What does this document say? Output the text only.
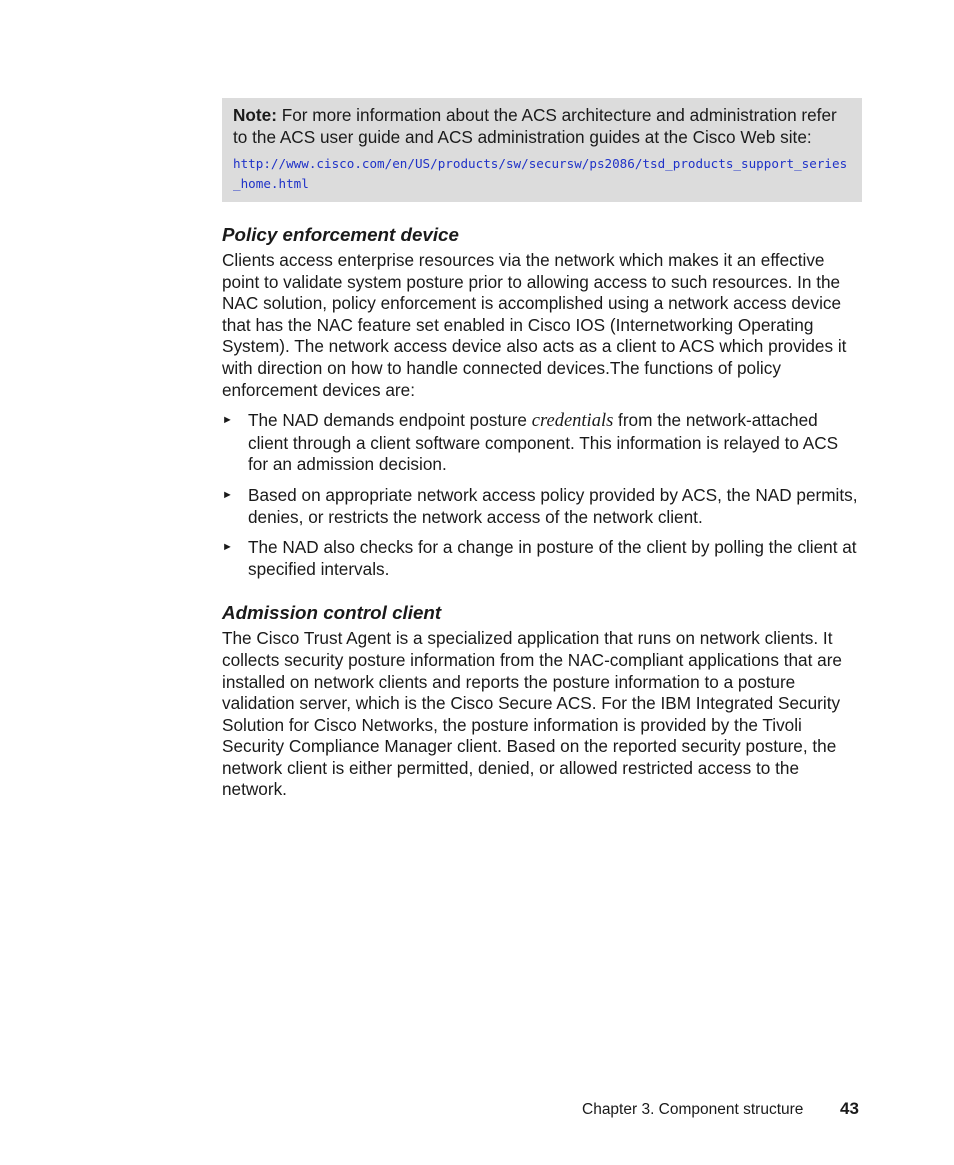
Note: For more information about the ACS architecture and administration refer to the ACS user guide and ACS administration guides at the Cisco Web site:
http://www.cisco.com/en/US/products/sw/secursw/ps2086/tsd_products_support_series_home.html
Policy enforcement device

Clients access enterprise resources via the network which makes it an effective point to validate system posture prior to allowing access to such resources. In the NAC solution, policy enforcement is accomplished using a network access device that has the NAC feature set enabled in Cisco IOS (Internetworking Operating System). The network access device also acts as a client to ACS which provides it with direction on how to handle connected devices.The functions of policy enforcement devices are:

► The NAD demands endpoint posture credentials from the network-attached client through a client software component. This information is relayed to ACS for an admission decision.
► Based on appropriate network access policy provided by ACS, the NAD permits, denies, or restricts the network access of the network client.
► The NAD also checks for a change in posture of the client by polling the client at specified intervals.
Admission control client

The Cisco Trust Agent is a specialized application that runs on network clients. It collects security posture information from the NAC-compliant applications that are installed on network clients and reports the posture information to a posture validation server, which is the Cisco Secure ACS. For the IBM Integrated Security Solution for Cisco Networks, the posture information is provided by the Tivoli Security Compliance Manager client. Based on the reported security posture, the network client is either permitted, denied, or allowed restricted access to the network.

Chapter 3. Component structure 43
